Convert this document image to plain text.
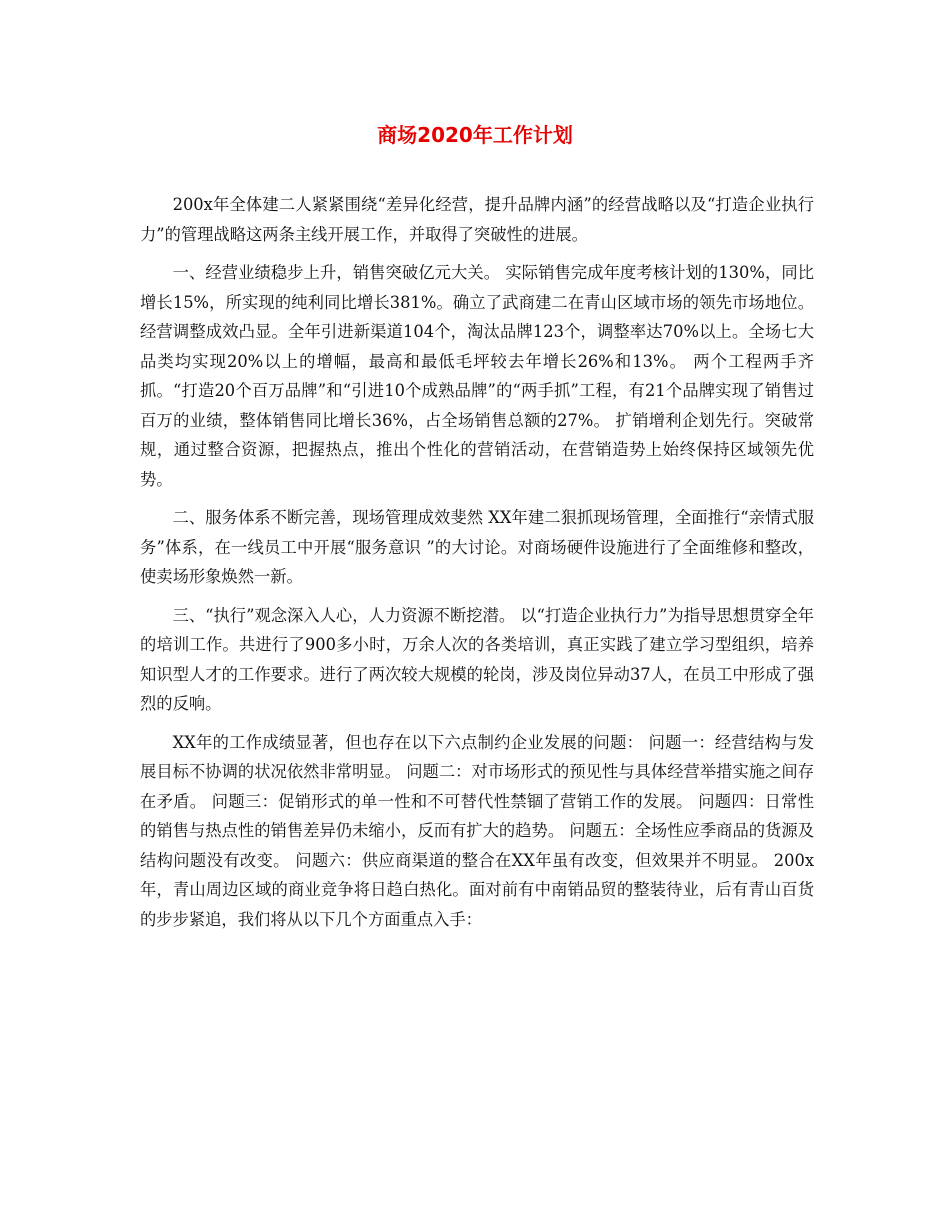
商场2020年工作计划

200x年全体建二人紧紧围绕“差异化经营，提升品牌内涵”的经营战略以及“打造企业执行力”的管理战略这两条主线开展工作，并取得了突破性的进展。

一、经营业绩稳步上升，销售突破亿元大关。 实际销售完成年度考核计划的130%，同比增长15%，所实现的纯利同比增长381%。确立了武商建二在青山区域市场的领先市场地位。 经营调整成效凸显。全年引进新渠道104个，淘汰品牌123个，调整率达70%以上。全场七大品类均实现20%以上的增幅，最高和最低毛坪较去年增长26%和13%。 两个工程两手齐抓。“打造20个百万品牌”和“引进10个成熟品牌”的“两手抓”工程，有21个品牌实现了销售过百万的业绩，整体销售同比增长36%，占全场销售总额的27%。 扩销增利企划先行。突破常规，通过整合资源，把握热点，推出个性化的营销活动，在营销造势上始终保持区域领先优势。

二、服务体系不断完善，现场管理成效斐然 XX年建二狠抓现场管理，全面推行“亲情式服务”体系，在一线员工中开展“服务意识 ”的大讨论。对商场硬件设施进行了全面维修和整改，使卖场形象焕然一新。

三、“执行”观念深入人心，人力资源不断挖潜。 以“打造企业执行力”为指导思想贯穿全年的培训工作。共进行了900多小时，万余人次的各类培训，真正实践了建立学习型组织，培养知识型人才的工作要求。进行了两次较大规模的轮岗，涉及岗位异动37人，在员工中形成了强烈的反响。

XX年的工作成绩显著，但也存在以下六点制约企业发展的问题： 问题一：经营结构与发展目标不协调的状况依然非常明显。 问题二：对市场形式的预见性与具体经营举措实施之间存在矛盾。 问题三：促销形式的单一性和不可替代性禁锢了营销工作的发展。 问题四：日常性的销售与热点性的销售差异仍未缩小，反而有扩大的趋势。 问题五：全场性应季商品的货源及结构问题没有改变。 问题六：供应商渠道的整合在XX年虽有改变，但效果并不明显。 200x年，青山周边区域的商业竞争将日趋白热化。面对前有中南销品贸的整装待业，后有青山百货的步步紧追，我们将从以下几个方面重点入手：
